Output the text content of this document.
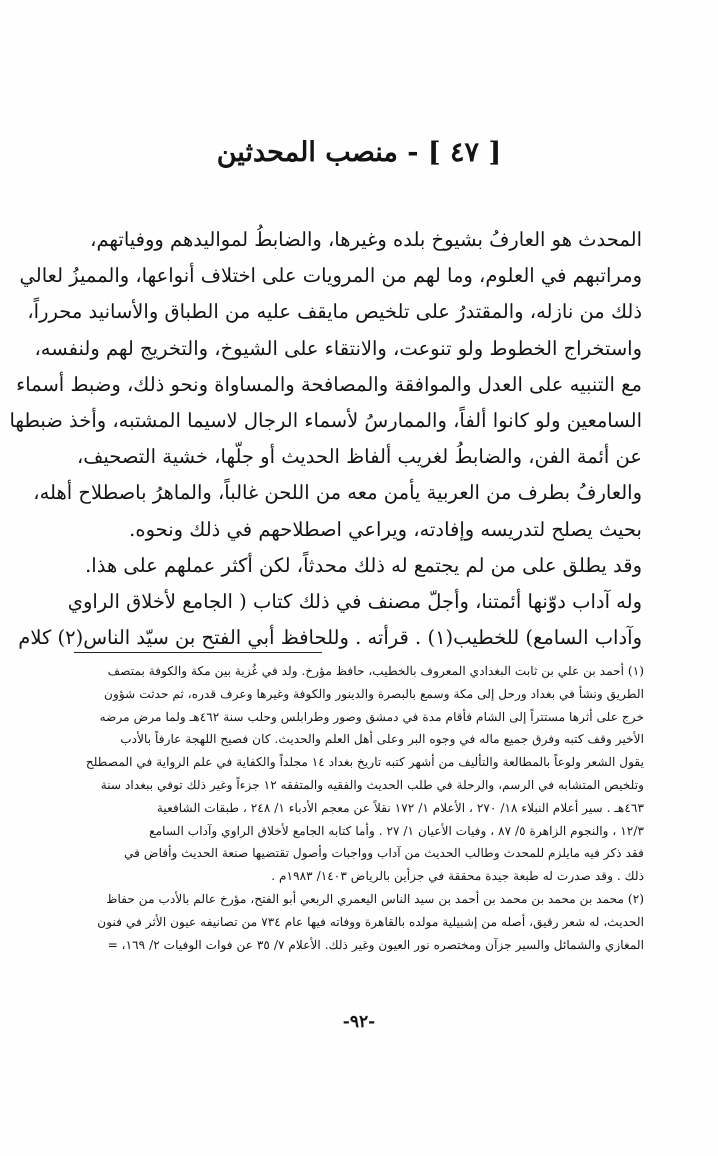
[ ٤٧ ] - منصب المحدثين
المحدث هو العارفُ بشيوخ بلده وغيرها، والضابطُ لمواليدهم ووفياتهم،
ومراتبهم في العلوم، وما لهم من المرويات على اختلاف أنواعها، والمميزُ لعالي
ذلك من نازله، والمقتدرُ على تلخيص مايقف عليه من الطباق والأسانيد محرراً،
واستخراج الخطوط ولو تنوعت، والانتقاء على الشيوخ، والتخريج لهم ولنفسه،
مع التنبيه على العدل والموافقة والمصافحة والمساواة ونحو ذلك، وضبط أسماء
السامعين ولو كانوا ألفاً، والممارسُ لأسماء الرجال لاسيما المشتبه، وأخذ ضبطها
عن أئمة الفن، والضابطُ لغريب ألفاظ الحديث أو جلّها، خشية التصحيف،
والعارفُ بطرف من العربية يأمن معه من اللحن غالباً، والماهرُ باصطلاح أهله،
بحيث يصلح لتدريسه وإفادته، ويراعي اصطلاحهم في ذلك ونحوه.
وقد يطلق على من لم يجتمع له ذلك محدثاً، لكن أكثر عملهم على هذا.
وله آداب دوّنها أئمتنا، وأجلّ مصنف في ذلك كتاب ( الجامع لأخلاق الراوي
وآداب السامع) للخطيب(١) . قرأته . وللحافظ أبي الفتح بن سيّد الناس(٢) كلام
(١) أحمد بن علي بن ثابت البغدادي المعروف بالخطيب، حافظ مؤرخ. ولد في غُزية بين مكة والكوفة بمتصف
الطريق ونشأ في بغداد ورحل إلى مكة وسمع بالبصرة والدينور والكوفة وغيرها وعرف قدره، ثم حدثت شؤون
خرج على أثرها مستتراً إلى الشام فأقام مدة في دمشق وصور وطرابلس وحلب سنة ٤٦٢هـ ولما مرض مرضه
الأخير وقف كتبه وفرق جميع ماله في وجوه البر وعلى أهل العلم والحديث. كان فصيح اللهجة عارفاً بالأدب
يقول الشعر ولوعاً بالمطالعة والتأليف من أشهر كتبه تاريخ بغداد ١٤ مجلداً والكفاية في علم الرواية في المصطلح
وتلخيص المتشابه في الرسم، والرحلة في طلب الحديث والفقيه والمتفقه ١٢ جزءاً وغير ذلك توفي ببغداد سنة
٤٦٣هـ . سير أعلام النبلاء ١٨/ ٢٧٠ ، الأعلام ١/ ١٧٢ نقلاً عن معجم الأدباء ١/ ٢٤٨ ، طبقات الشافعية
١٢/٣ ، والنجوم الزاهرة ٥/ ٨٧ ، وفيات الأعيان ١/ ٢٧ . وأما كتابه الجامع لأخلاق الراوي وآداب السامع
فقد ذكر فيه مايلزم للمحدث وطالب الحديث من آداب وواجبات وأصول تقتضيها صنعة الحديث وأفاض في
ذلك . وقد صدرت له طبعة جيدة محققة في جزأين بالرياض ١٤٠٣/ ١٩٨٣م .
(٢) محمد بن محمد بن محمد بن أحمد بن سيد الناس اليعمري الربعي أبو الفتح، مؤرخ عالم بالأدب من حفاظ
الحديث، له شعر رقيق، أصله من إشبيلية مولده بالقاهرة ووفاته فيها عام ٧٣٤ من تصانيفه عيون الأثر في فنون
المغازي والشمائل والسير جزآن ومختصره نور العيون وغير ذلك. الأعلام ٧/ ٣٥ عن فوات الوفيات ٢/ ١٦٩، =
-٩٢-
